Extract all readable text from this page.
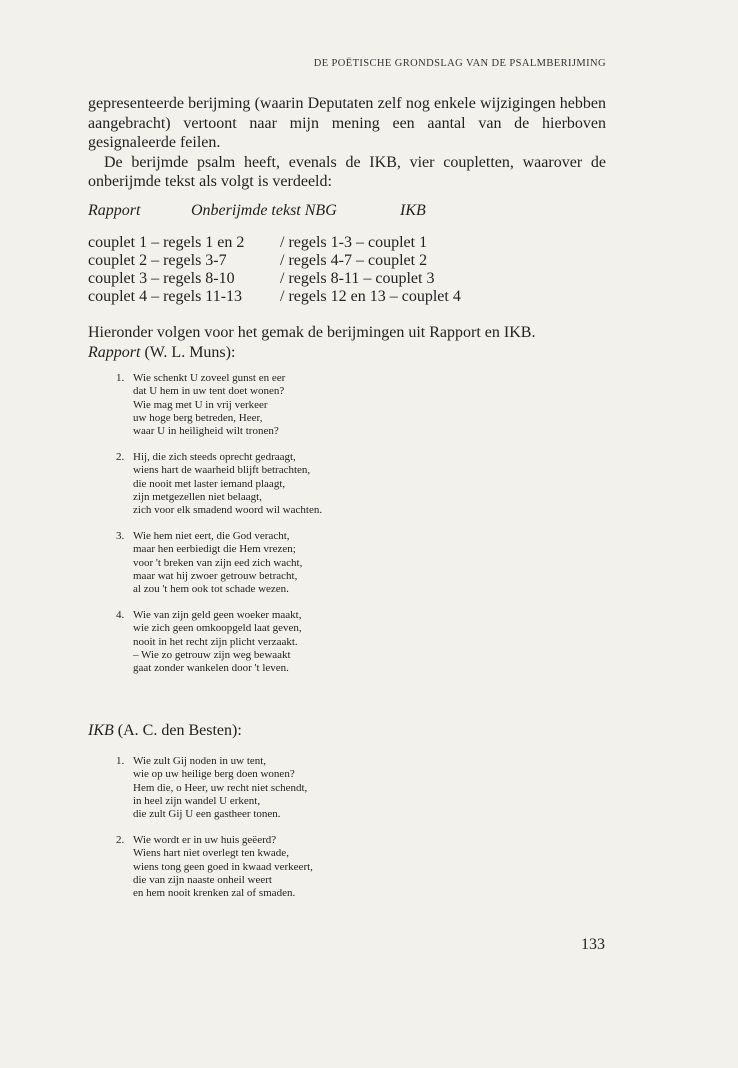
DE POËTISCHE GRONDSLAG VAN DE PSALMBERIJMING

gepresenteerde berijming (waarin Deputaten zelf nog enkele wijzigingen hebben aangebracht) vertoont naar mijn mening een aantal van de hierboven gesignaleerde feilen.

De berijmde psalm heeft, evenals de IKB, vier coupletten, waarover de onberijmde tekst als volgt is verdeeld:

Rapport	Onberijmde tekst NBG	IKB
couplet 1 – regels 1 en 2 / regels 1-3 – couplet 1
couplet 2 – regels 3-7	/ regels 4-7 – couplet 2
couplet 3 – regels 8-10	/ regels 8-11 – couplet 3
couplet 4 – regels 11-13 / regels 12 en 13 – couplet 4

Hieronder volgen voor het gemak de berijmingen uit Rapport en IKB.

Rapport (W. L. Muns):

1. Wie schenkt U zoveel gunst en eer
dat U hem in uw tent doet wonen?
Wie mag met U in vrij verkeer
uw hoge berg betreden, Heer,
waar U in heiligheid wilt tronen?
2. Hij, die zich steeds oprecht gedraagt,
wiens hart de waarheid blijft betrachten,
die nooit met laster iemand plaagt,
zijn metgezellen niet belaagt,
zich voor elk smadend woord wil wachten.
3. Wie hem niet eert, die God veracht,
maar hen eerbiedigt die Hem vrezen;
voor 't breken van zijn eed zich wacht,
maar wat hij zwoer getrouw betracht,
al zou 't hem ook tot schade wezen.
4. Wie van zijn geld geen woeker maakt,
wie zich geen omkoopgeld laat geven,
nooit in het recht zijn plicht verzaakt.
– Wie zo getrouw zijn weg bewaakt
gaat zonder wankelen door 't leven.
IKB (A. C. den Besten):
1. Wie zult Gij noden in uw tent,
wie op uw heilige berg doen wonen?
Hem die, o Heer, uw recht niet schendt,
in heel zijn wandel U erkent,
die zult Gij U een gastheer tonen.
2. Wie wordt er in uw huis geëerd?
Wiens hart niet overlegt ten kwade,
wiens tong geen goed in kwaad verkeert,
die van zijn naaste onheil weert
en hem nooit krenken zal of smaden.
133
